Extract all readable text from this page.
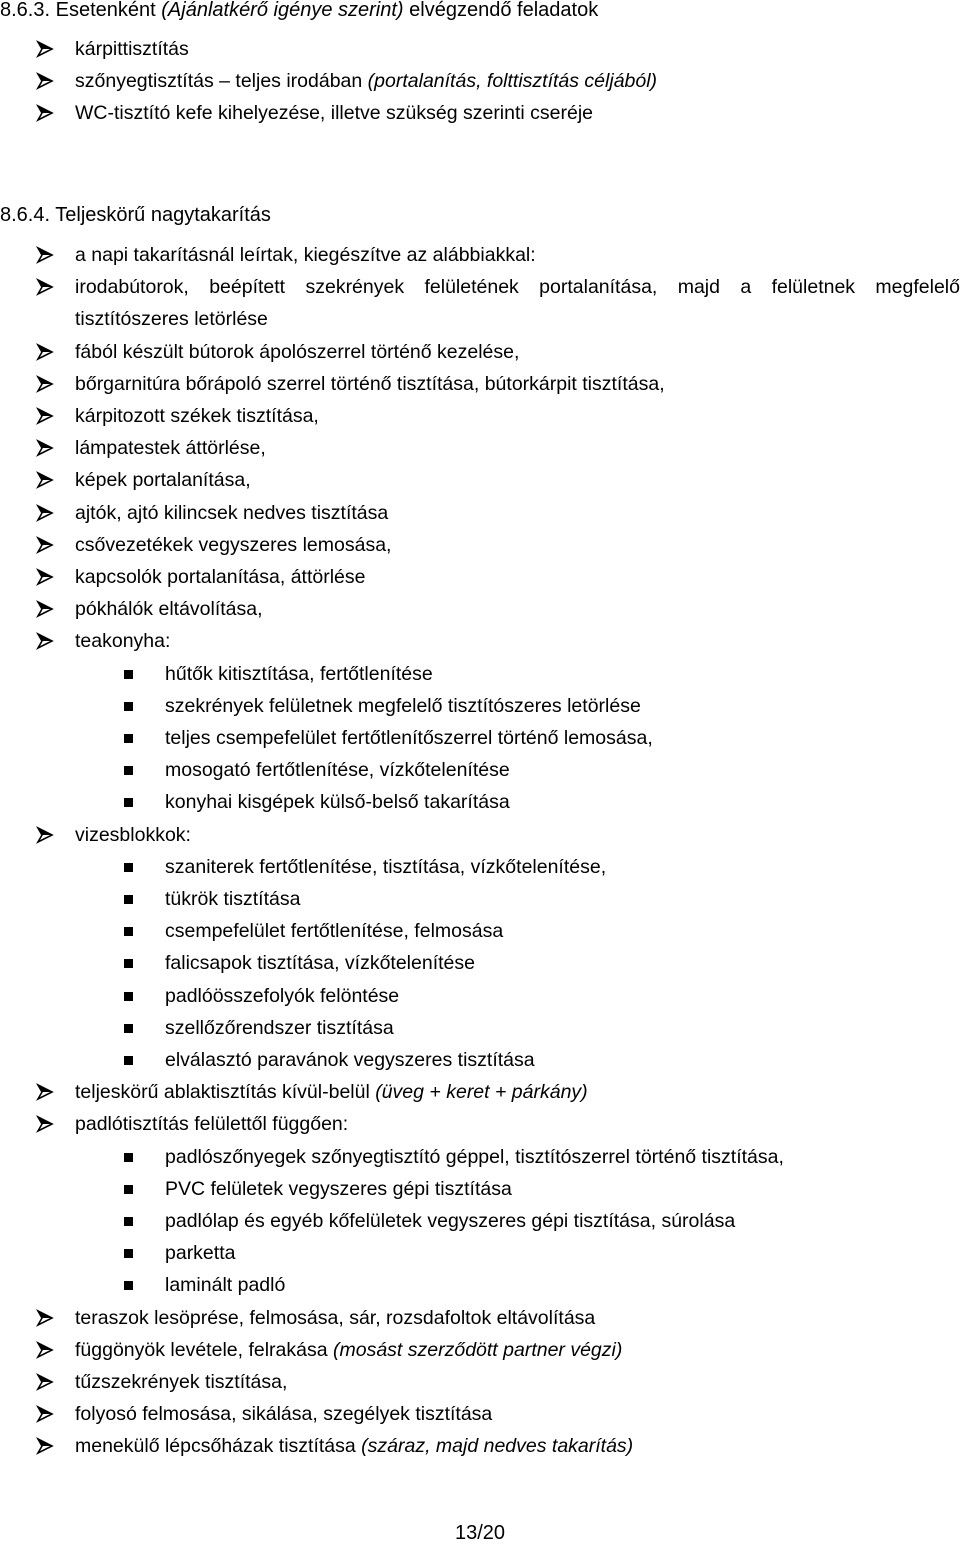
8.6.3. Esetenként (Ajánlatkérő igénye szerint) elvégzendő feladatok
kárpittisztítás
szőnyegtisztítás – teljes irodában (portalanítás, folttisztítás céljából)
WC-tisztító kefe kihelyezése, illetve szükség szerinti cseréje
8.6.4. Teljeskörű nagytakarítás
a napi takarításnál leírtak, kiegészítve az alábbiakkal:
irodabútorok, beépített szekrények felületének portalanítása, majd a felületnek megfelelő
tisztítószeres letörlése
fából készült bútorok ápolószerrel történő kezelése,
bőrgarnitúra bőrápoló szerrel történő tisztítása, bútorkárpit tisztítása,
kárpitozott székek tisztítása,
lámpatestek áttörlése,
képek portalanítása,
ajtók, ajtó kilincsek nedves tisztítása
csővezetékek vegyszeres lemosása,
kapcsolók portalanítása, áttörlése
pókhálók eltávolítása,
teakonyha:
hűtők kitisztítása, fertőtlenítése
szekrények felületnek megfelelő tisztítószeres letörlése
teljes csempefelület fertőtlenítőszerrel történő lemosása,
mosogató fertőtlenítése, vízkőtelenítése
konyhai kisgépek külső-belső takarítása
vizesblokkok:
szaniterek fertőtlenítése, tisztítása, vízkőtelenítése,
tükrök tisztítása
csempefelület fertőtlenítése, felmosása
falicsapok tisztítása, vízkőtelenítése
padlóösszefolyók felöntése
szellőzőrendszer tisztítása
elválasztó paravánok vegyszeres tisztítása
teljeskörű ablaktisztítás kívül-belül (üveg + keret + párkány)
padlótisztítás felülettől függően:
padlószőnyegek szőnyegtisztító géppel, tisztítószerrel történő tisztítása,
PVC felületek vegyszeres gépi tisztítása
padlólap és egyéb kőfelületek vegyszeres gépi tisztítása, súrolása
parketta
laminált padló
teraszok lesöprése, felmosása, sár, rozsdafoltok eltávolítása
függönyök levétele, felrakása (mosást szerződött partner végzi)
tűzszekrények tisztítása,
folyosó felmosása, sikálása, szegélyek tisztítása
menekülő lépcsőházak tisztítása (száraz, majd nedves takarítás)
13/20
